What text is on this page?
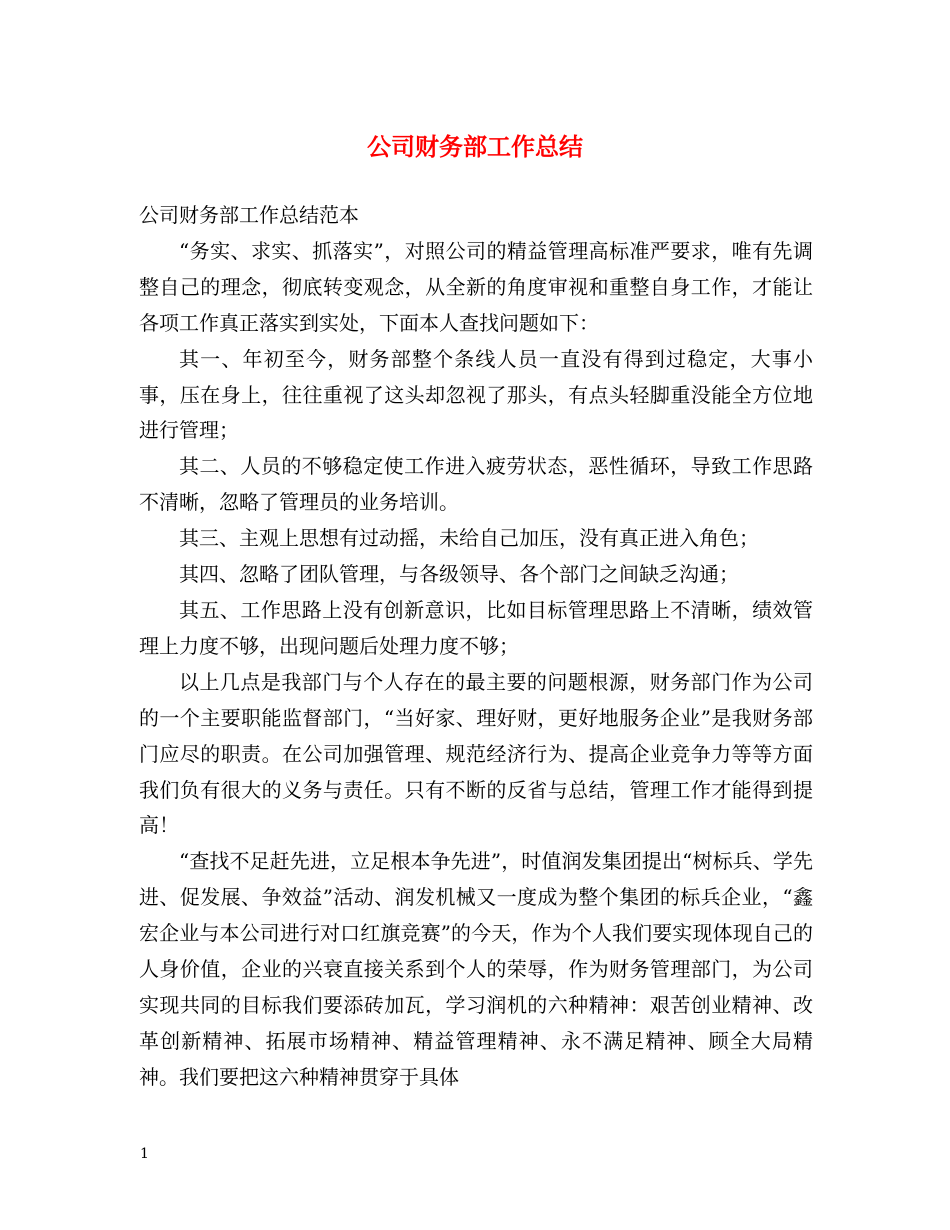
公司财务部工作总结

公司财务部工作总结范本

“务实、求实、抓落实”，对照公司的精益管理高标准严要求，唯有先调整自己的理念，彻底转变观念，从全新的角度审视和重整自身工作，才能让各项工作真正落实到实处，下面本人查找问题如下：

其一、年初至今，财务部整个条线人员一直没有得到过稳定，大事小事，压在身上，往往重视了这头却忽视了那头，有点头轻脚重没能全方位地进行管理；

其二、人员的不够稳定使工作进入疲劳状态，恶性循环，导致工作思路不清晰，忽略了管理员的业务培训。

其三、主观上思想有过动摇，未给自己加压，没有真正进入角色；

其四、忽略了团队管理，与各级领导、各个部门之间缺乏沟通；

其五、工作思路上没有创新意识，比如目标管理思路上不清晰，绩效管理上力度不够，出现问题后处理力度不够；

以上几点是我部门与个人存在的最主要的问题根源，财务部门作为公司的一个主要职能监督部门，“当好家、理好财，更好地服务企业”是我财务部门应尽的职责。在公司加强管理、规范经济行为、提高企业竞争力等等方面我们负有很大的义务与责任。只有不断的反省与总结，管理工作才能得到提高！

“查找不足赶先进，立足根本争先进”，时值润发集团提出“树标兵、学先进、促发展、争效益”活动、润发机械又一度成为整个集团的标兵企业，“鑫宏企业与本公司进行对口红旗竞赛”的今天，作为个人我们要实现体现自己的人身价值，企业的兴衰直接关系到个人的荣辱，作为财务管理部门，为公司实现共同的目标我们要添砖加瓦，学习润机的六种精神：艰苦创业精神、改革创新精神、拓展市场精神、精益管理精神、永不满足精神、顾全大局精神。我们要把这六种精神贯穿于具体

1
